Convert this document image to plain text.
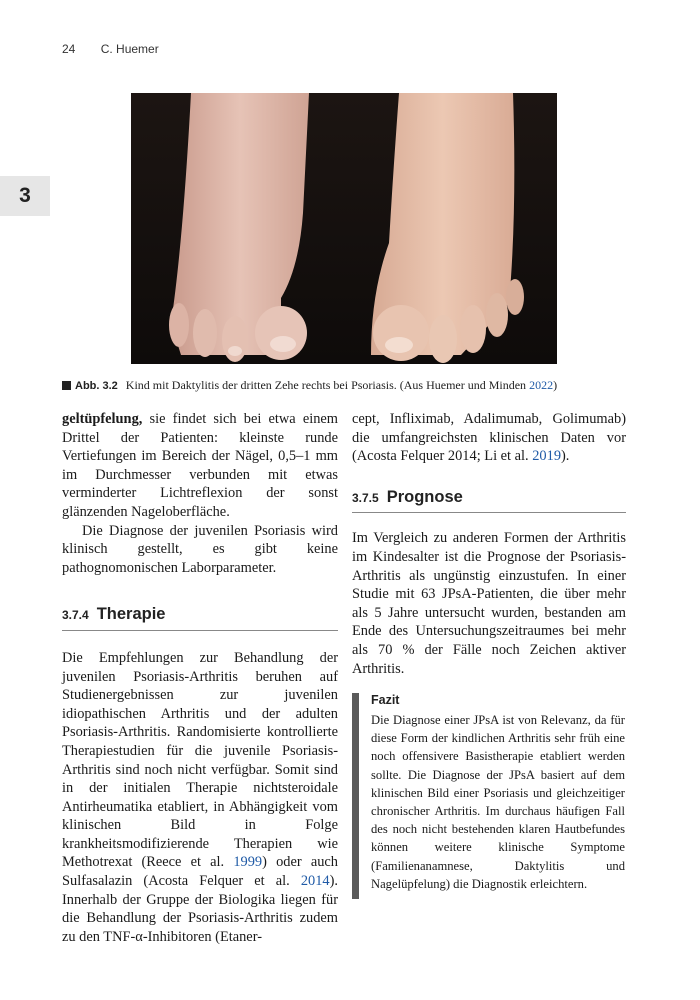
24 C. Huemer
3
Abb. 3.2 Kind mit Daktylitis der dritten Zehe rechts bei Psoriasis. (Aus Huemer und Minden 2022)

geltüpfelung, sie findet sich bei etwa einem Drittel der Patienten: kleinste runde Vertiefungen im Bereich der Nägel, 0,5–1 mm im Durchmesser verbunden mit etwas verminderter Lichtreflexion der sonst glänzenden Nageloberfläche.

Die Diagnose der juvenilen Psoriasis wird klinisch gestellt, es gibt keine pathognomonischen Laborparameter.

3.7.4 Therapie

Die Empfehlungen zur Behandlung der juvenilen Psoriasis-Arthritis beruhen auf Studienergebnissen zur juvenilen idiopathischen Arthritis und der adulten Psoriasis-Arthritis. Randomisierte kontrollierte Therapiestudien für die juvenile Psoriasis-Arthritis sind noch nicht verfügbar. Somit sind in der initialen Therapie nichtsteroidale Antirheumatika etabliert, in Abhängigkeit vom klinischen Bild in Folge krankheitsmodifizierende Therapien wie Methotrexat (Reece et al. 1999) oder auch Sulfasalazin (Acosta Felquer et al. 2014). Innerhalb der Gruppe der Biologika liegen für die Behandlung der Psoriasis-Arthritis zudem zu den TNF-α-Inhibitoren (Etaner-

cept, Infliximab, Adalimumab, Golimumab) die umfangreichsten klinischen Daten vor (Acosta Felquer 2014; Li et al. 2019).

3.7.5 Prognose

Im Vergleich zu anderen Formen der Arthritis im Kindesalter ist die Prognose der Psoriasis-Arthritis als ungünstig einzustufen. In einer Studie mit 63 JPsA-Patienten, die über mehr als 5 Jahre untersucht wurden, bestanden am Ende des Untersuchungszeitraumes bei mehr als 70 % der Fälle noch Zeichen aktiver Arthritis.

Fazit
Die Diagnose einer JPsA ist von Relevanz, da für diese Form der kindlichen Arthritis sehr früh eine noch offensivere Basistherapie etabliert werden sollte. Die Diagnose der JPsA basiert auf dem klinischen Bild einer Psoriasis und gleichzeitiger chronischer Arthritis. Im durchaus häufigen Fall des noch nicht bestehenden klaren Hautbefundes können weitere klinische Symptome (Familienanamnese, Daktylitis und Nagelüpfelung) die Diagnostik erleichtern.
